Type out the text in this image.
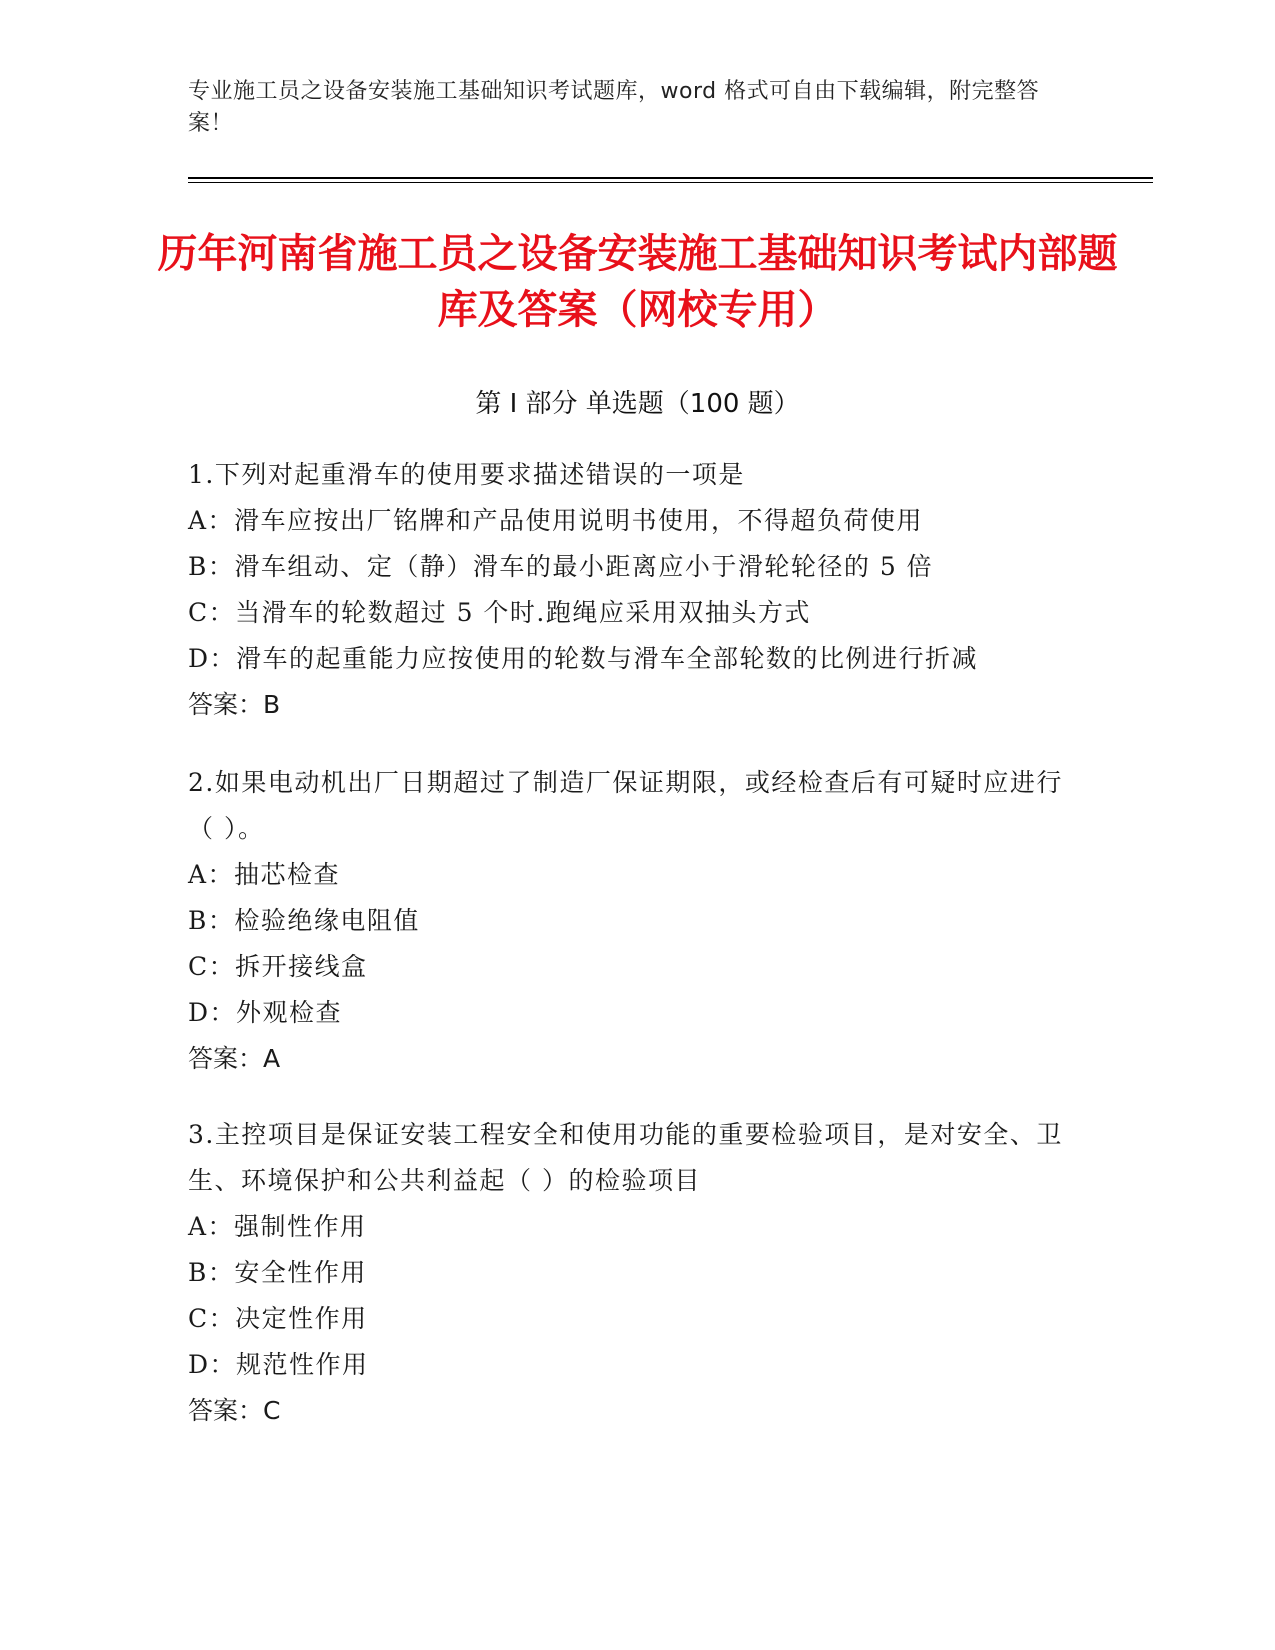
专业施工员之设备安装施工基础知识考试题库，word 格式可自由下载编辑，附完整答案！
历年河南省施工员之设备安装施工基础知识考试内部题库及答案（网校专用）
第 I 部分 单选题（100 题）
1.下列对起重滑车的使用要求描述错误的一项是
A：滑车应按出厂铭牌和产品使用说明书使用，不得超负荷使用
B：滑车组动、定（静）滑车的最小距离应小于滑轮轮径的 5 倍
C：当滑车的轮数超过 5 个时.跑绳应采用双抽头方式
D：滑车的起重能力应按使用的轮数与滑车全部轮数的比例进行折减
答案：B
2.如果电动机出厂日期超过了制造厂保证期限，或经检查后有可疑时应进行（ ）。
A：抽芯检查
B：检验绝缘电阻值
C：拆开接线盒
D：外观检查
答案：A
3.主控项目是保证安装工程安全和使用功能的重要检验项目，是对安全、卫生、环境保护和公共利益起（ ）的检验项目
A：强制性作用
B：安全性作用
C：决定性作用
D：规范性作用
答案：C
